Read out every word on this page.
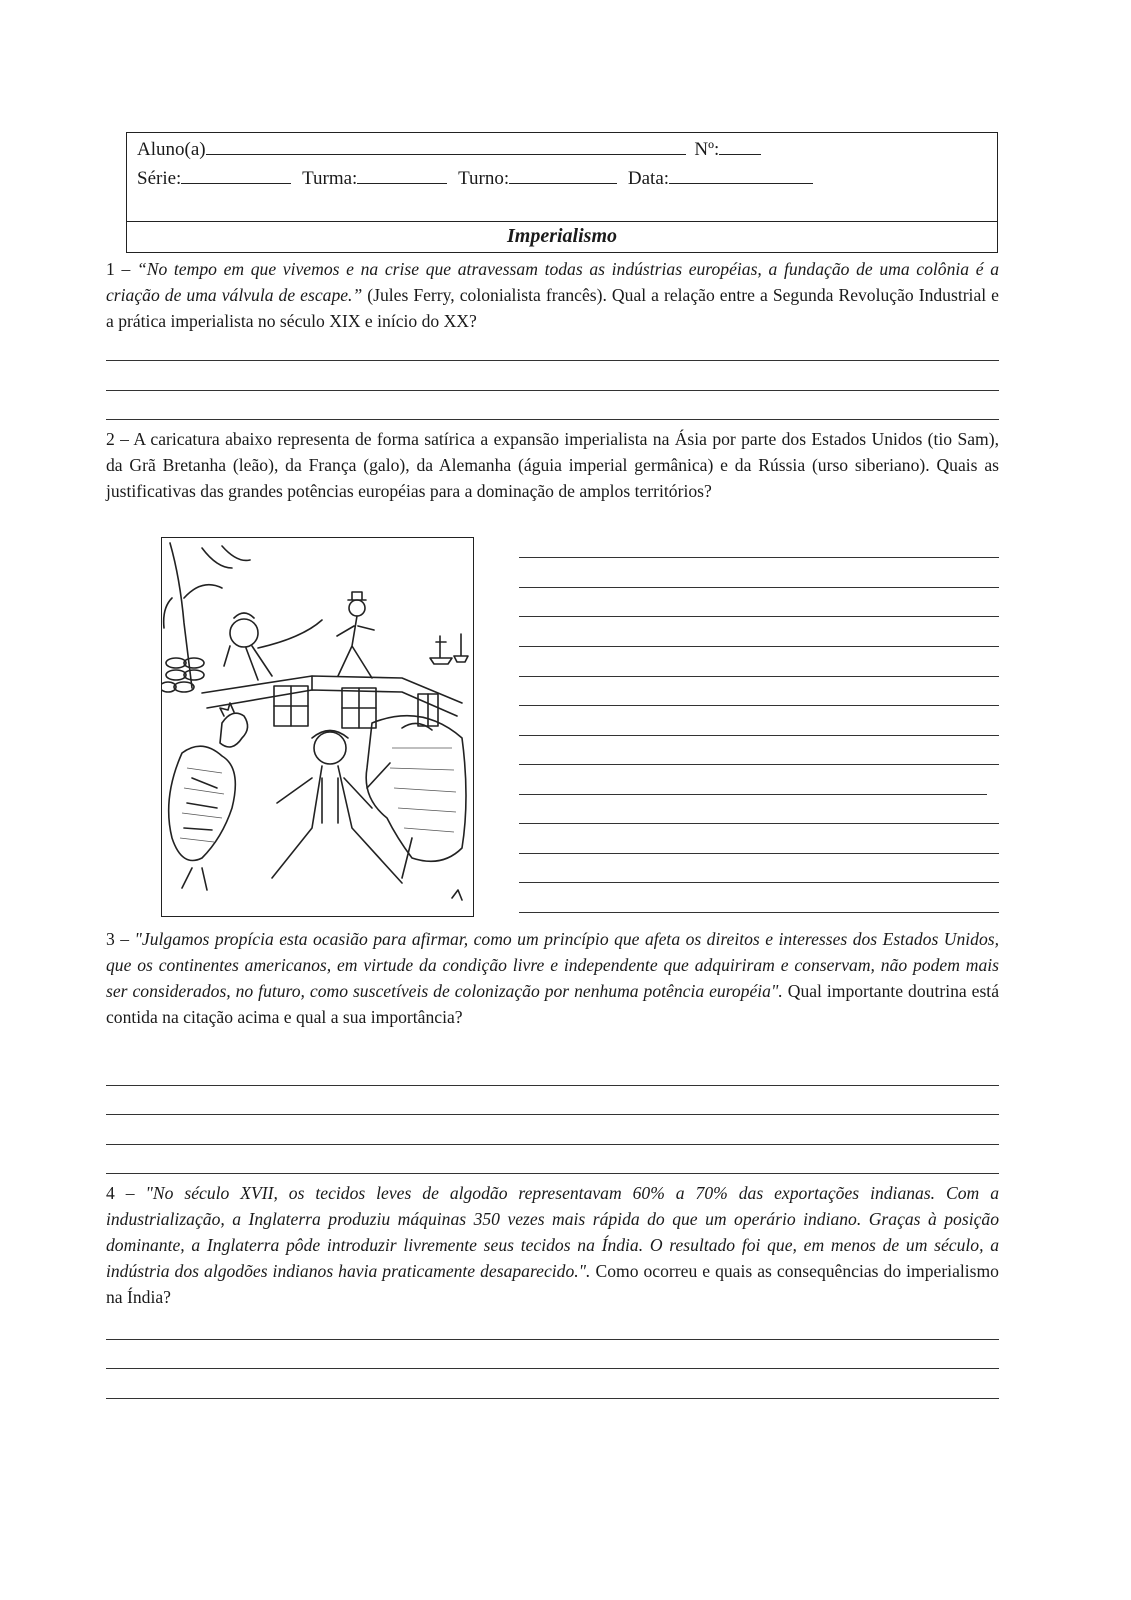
Aluno(a)	Nº:
Série:	Turma:	Turno:	Data:
Imperialismo
1 – “No tempo em que vivemos e na crise que atravessam todas as indústrias européias, a fundação de uma colônia é a criação de uma válvula de escape.” (Jules Ferry, colonialista francês). Qual a relação entre a Segunda Revolução Industrial e a prática imperialista no século XIX e início do XX?
2 – A caricatura abaixo representa de forma satírica a expansão imperialista na Ásia por parte dos Estados Unidos (tio Sam), da Grã Bretanha (leão), da França (galo), da Alemanha (águia imperial germânica) e da Rússia (urso siberiano). Quais as justificativas das grandes potências européias para a dominação de amplos territórios?
3 – "Julgamos propícia esta ocasião para afirmar, como um princípio que afeta os direitos e interesses dos Estados Unidos, que os continentes americanos, em virtude da condição livre e independente que adquiriram e conservam, não podem mais ser considerados, no futuro, como suscetíveis de colonização por nenhuma potência européia". Qual importante doutrina está contida na citação acima e qual a sua importância?
4 – "No século XVII, os tecidos leves de algodão representavam 60% a 70% das exportações indianas. Com a industrialização, a Inglaterra produziu máquinas 350 vezes mais rápida do que um operário indiano. Graças à posição dominante, a Inglaterra pôde introduzir livremente seus tecidos na Índia. O resultado foi que, em menos de um século, a indústria dos algodões indianos havia praticamente desaparecido.". Como ocorreu e quais as consequências do imperialismo na Índia?
